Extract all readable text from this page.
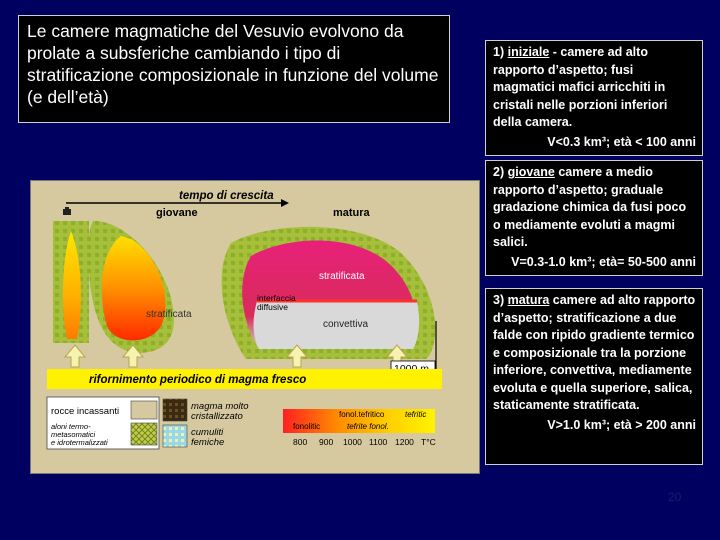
Le camere magmatiche del Vesuvio evolvono da prolate a subsferiche cambiando i tipo di stratificazione composizionale in funzione del volume (e dell’età)
1) iniziale - camere ad alto rapporto d’aspetto; fusi magmatici mafici arricchiti in cristali nelle porzioni inferiori della camera.
V<0.3 km³; età < 100 anni
2) giovane camere a medio rapporto d’aspetto; graduale gradazione chimica da fusi poco o mediamente evoluti a magmi salici.
V=0.3-1.0 km³; età= 50-500 anni
3) matura camere ad alto rapporto d’aspetto; stratificazione a due falde con ripido gradiente termico e composizionale tra la porzione inferiore, convettiva, mediamente evoluta e quella superiore, salica, staticamente stratificata.
V>1.0 km³; età > 200 anni
tempo di crescita
giovane	matura
stratificata
stratificata
interfaccia diffusive
convettiva
rifornimento periodico di magma fresco
rocce incassanti
aloni termo-metasomatici e idrotermalizzati
magma molto cristallizzato
cumuliti femiche
fonolitic
fonol.tefritico	tefritic
tefrite fonol.
800 900 1000 1100 1200 T°C
20
